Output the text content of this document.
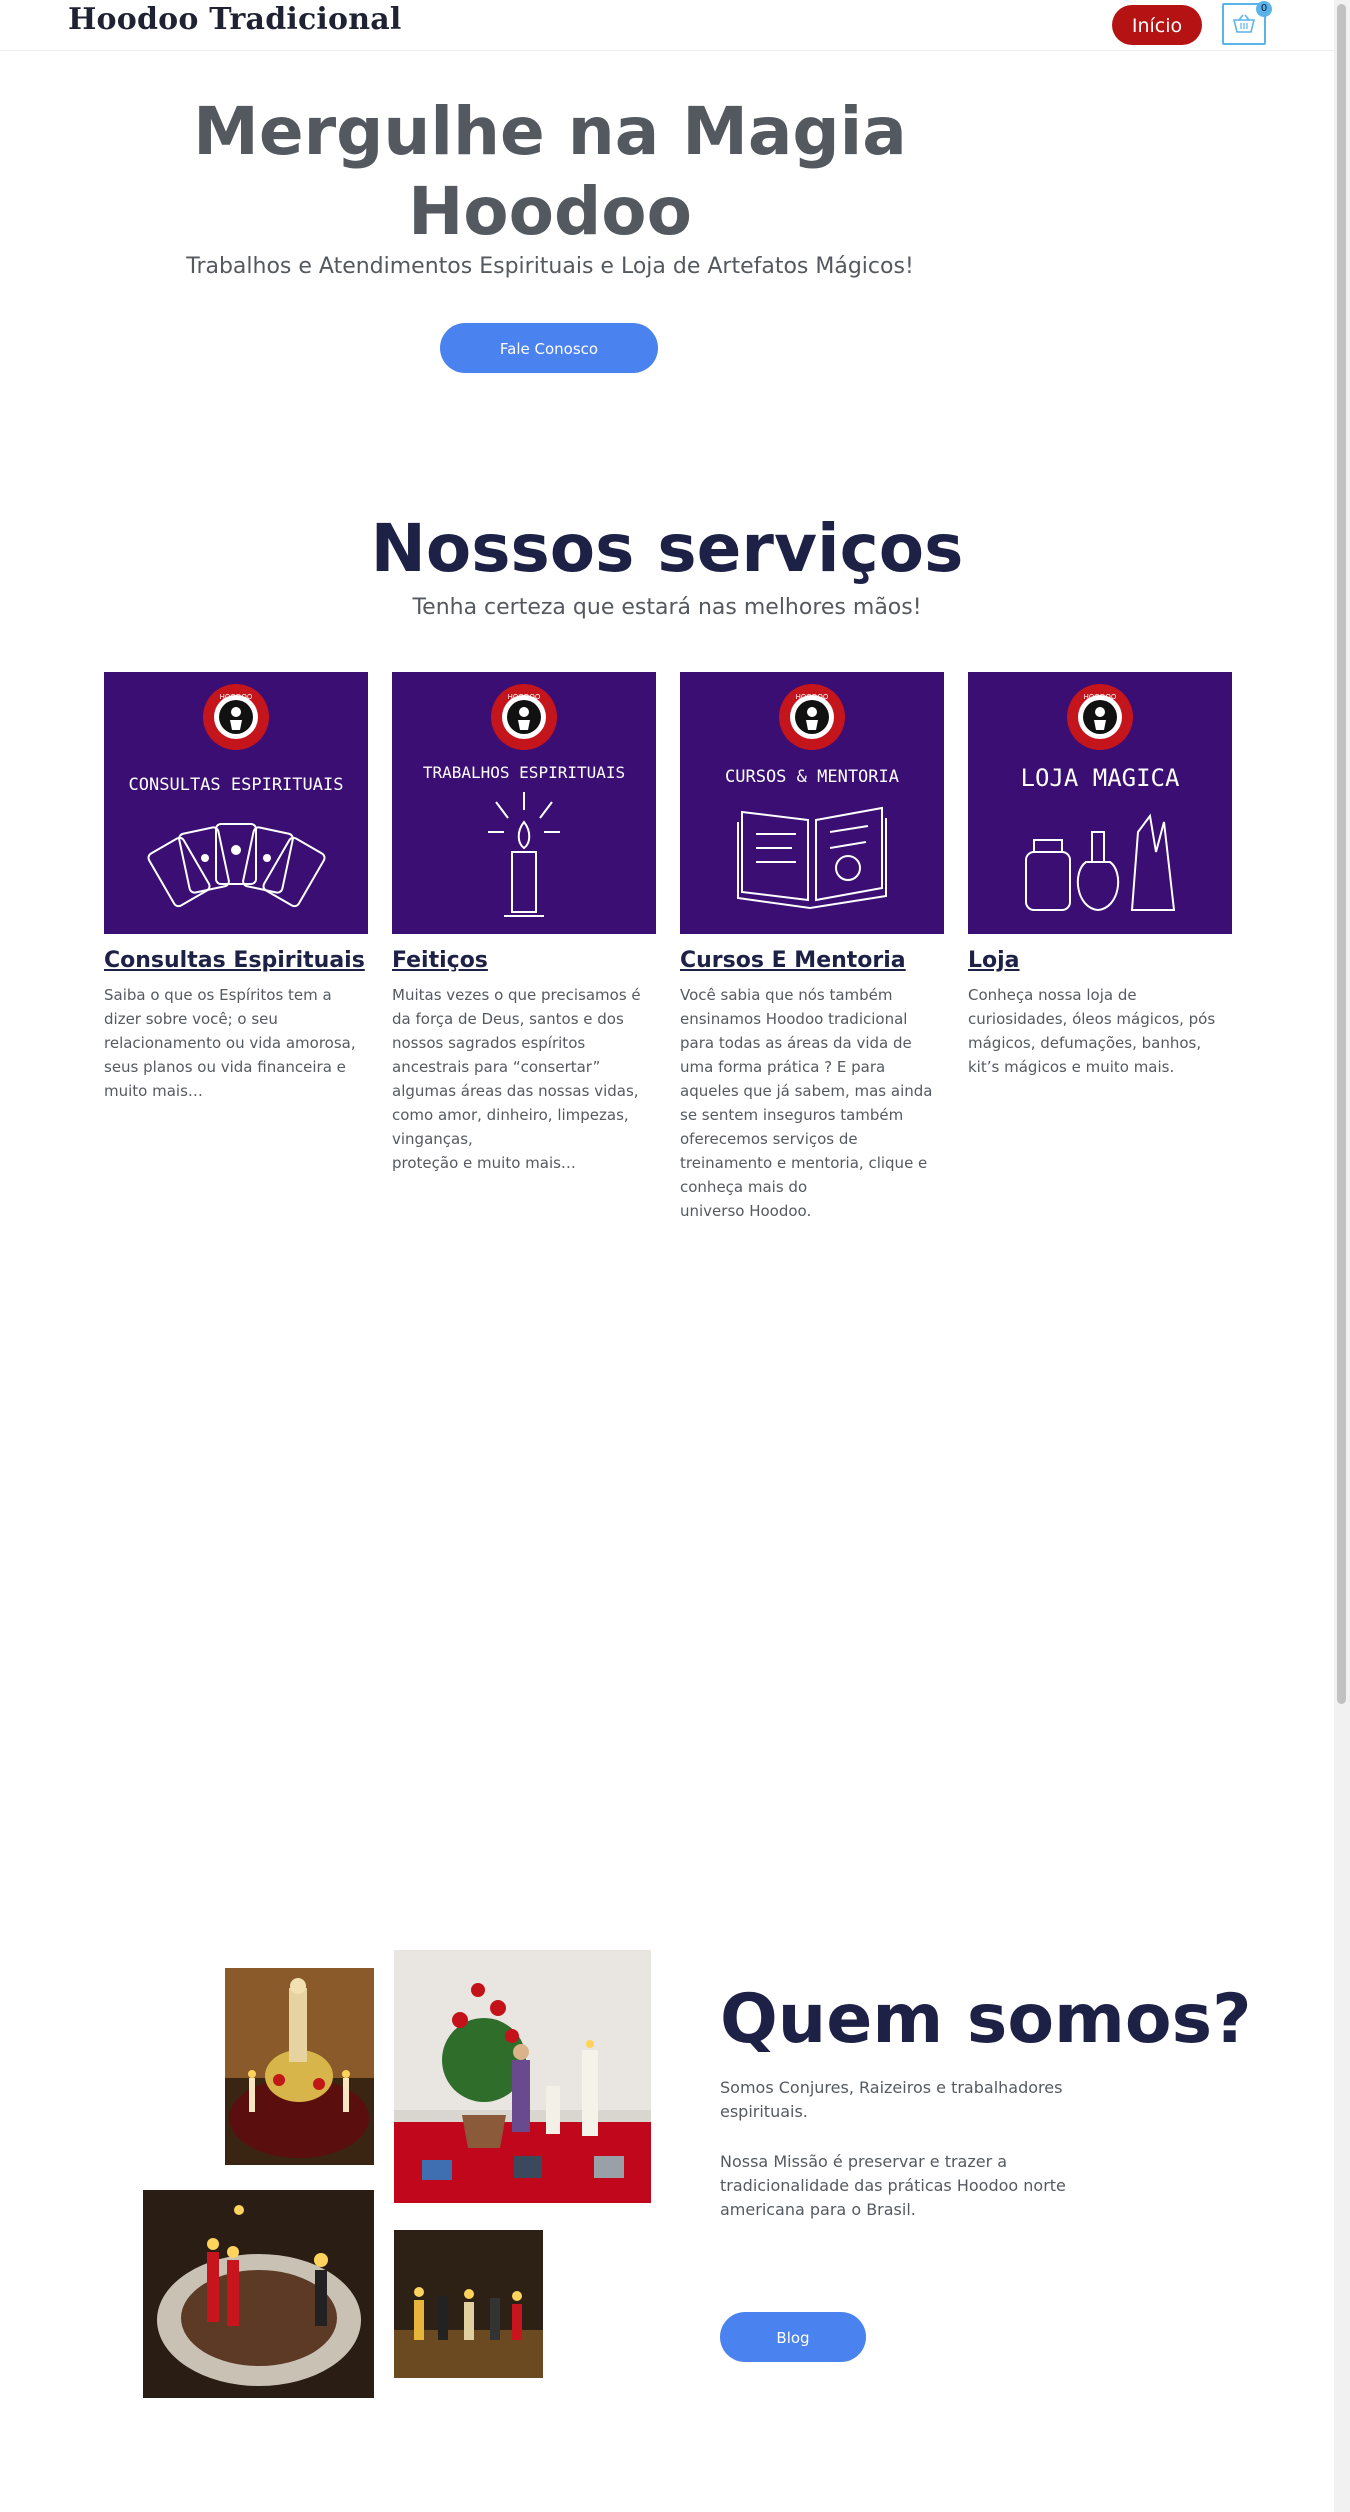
Hoodoo Tradicional	Início
0
Mergulhe na Magia Hoodoo

Trabalhos e Atendimentos Espirituais e Loja de Artefatos Mágicos!

Fale Conosco
Nossos serviços

Tenha certeza que estará nas melhores mãos!

HOODOO
CONSULTAS ESPIRITUAIS
Consultas Espirituais

Saiba o que os Espíritos tem a dizer sobre você; o seu relacionamento ou vida amorosa, seus planos ou vida financeira e muito mais…

HOODOO
TRABALHOS ESPIRITUAIS
Feitiços

Muitas vezes o que precisamos é da força de Deus, santos e dos nossos sagrados espíritos ancestrais para “consertar” algumas áreas das nossas vidas, como amor, dinheiro, limpezas, vinganças,
proteção e muito mais…

HOODOO
CURSOS & MENTORIA
Cursos E Mentoria

Você sabia que nós também ensinamos Hoodoo tradicional para todas as áreas da vida de uma forma prática ? E para aqueles que já sabem, mas ainda se sentem inseguros também oferecemos serviços de treinamento e mentoria, clique e conheça mais do
universo Hoodoo.

HOODOO
LOJA MAGICA
Loja

Conheça nossa loja de curiosidades, óleos mágicos, pós mágicos, defumações, banhos, kit’s mágicos e muito mais.

Quem somos?

Somos Conjures, Raizeiros e trabalhadores espirituais.

Nossa Missão é preservar e trazer a tradicionalidade das práticas Hoodoo norte americana para o Brasil.

Blog
